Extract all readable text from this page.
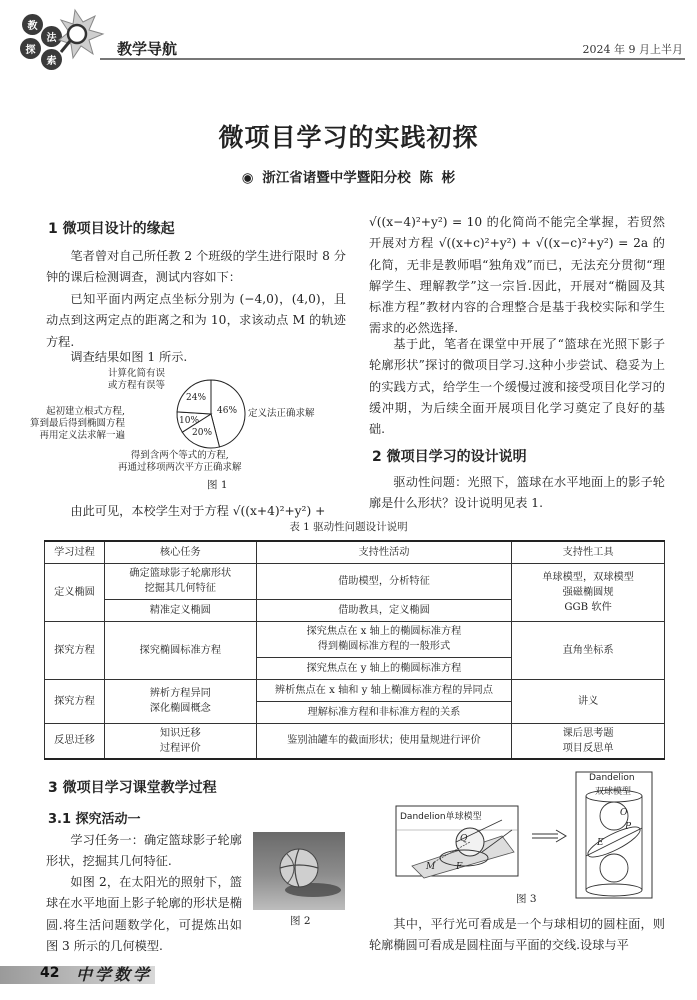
教
法
探
索
教学导航	2024 年 9 月上半月
微项目学习的实践初探
◉ 浙江省诸暨中学暨阳分校 陈 彬
1 微项目设计的缘起

笔者曾对自己所任教 2 个班级的学生进行限时 8 分钟的课后检测调查，测试内容如下：

已知平面内两定点坐标分别为 (−4,0)，(4,0)，且动点到这两定点的距离之和为 10，求该动点 M 的轨迹方程.

调查结果如图 1 所示.

24%
46%
10%
20%
计算化简有误
或方程有误等
定义法正确求解
起初建立根式方程,
算到最后得到椭圆方程
再用定义法求解一遍
得到含两个等式的方程,
再通过移项两次平方正确求解
图 1

由此可见，本校学生对于方程 √((x+4)²+y²) +

√((x−4)²+y²) = 10 的化简尚不能完全掌握，若贸然开展对方程 √((x+c)²+y²) + √((x−c)²+y²) = 2a 的化简，无非是教师唱“独角戏”而已，无法充分贯彻“理解学生、理解教学”这一宗旨.因此，开展对“椭圆及其标准方程”教材内容的合理整合是基于我校实际和学生需求的必然选择.

基于此，笔者在课堂中开展了“篮球在光照下影子轮廓形状”探讨的微项目学习.这种小步尝试、稳妥为上的实践方式，给学生一个缓慢过渡和接受项目化学习的缓冲期，为后续全面开展项目化学习奠定了良好的基础.

2 微项目学习的设计说明

驱动性问题：光照下，篮球在水平地面上的影子轮廓是什么形状？设计说明见表 1.

表 1 驱动性问题设计说明
学习过程	核心任务	支持性活动	支持性工具
定义椭圆	确定篮球影子轮廓形状
挖掘其几何特征	借助模型，分析特征	单球模型，双球模型
强磁椭圆规
GGB 软件
	精准定义椭圆	借助教具，定义椭圆	
探究方程	探究椭圆标准方程	探究焦点在 x 轴上的椭圆标准方程
得到椭圆标准方程的一般形式	直角坐标系
		探究焦点在 y 轴上的椭圆标准方程	
探究方程	辨析方程异同
深化椭圆概念	辨析焦点在 x 轴和 y 轴上椭圆标准方程的异同点	讲义
		理解标准方程和非标准方程的关系	
反思迁移	知识迁移
过程评价	鉴别油罐车的截面形状；使用量规进行评价	课后思考题
项目反思单
3 微项目学习课堂教学过程
3.1 探究活动一

学习任务一：确定篮球影子轮廓形状，挖掘其几何特征.

如图 2，在太阳光的照射下，篮球在水平地面上影子轮廓的形状是椭圆.将生活问题数学化，可提炼出如图 3 所示的几何模型.

图 2
Dandelion单球模型
Dandelion
双球模型
Q
M F
O
P
E
图 3

其中，平行光可看成是一个与球相切的圆柱面，则轮廓椭圆可看成是圆柱面与平面的交线.设球与平

42 中学数学
